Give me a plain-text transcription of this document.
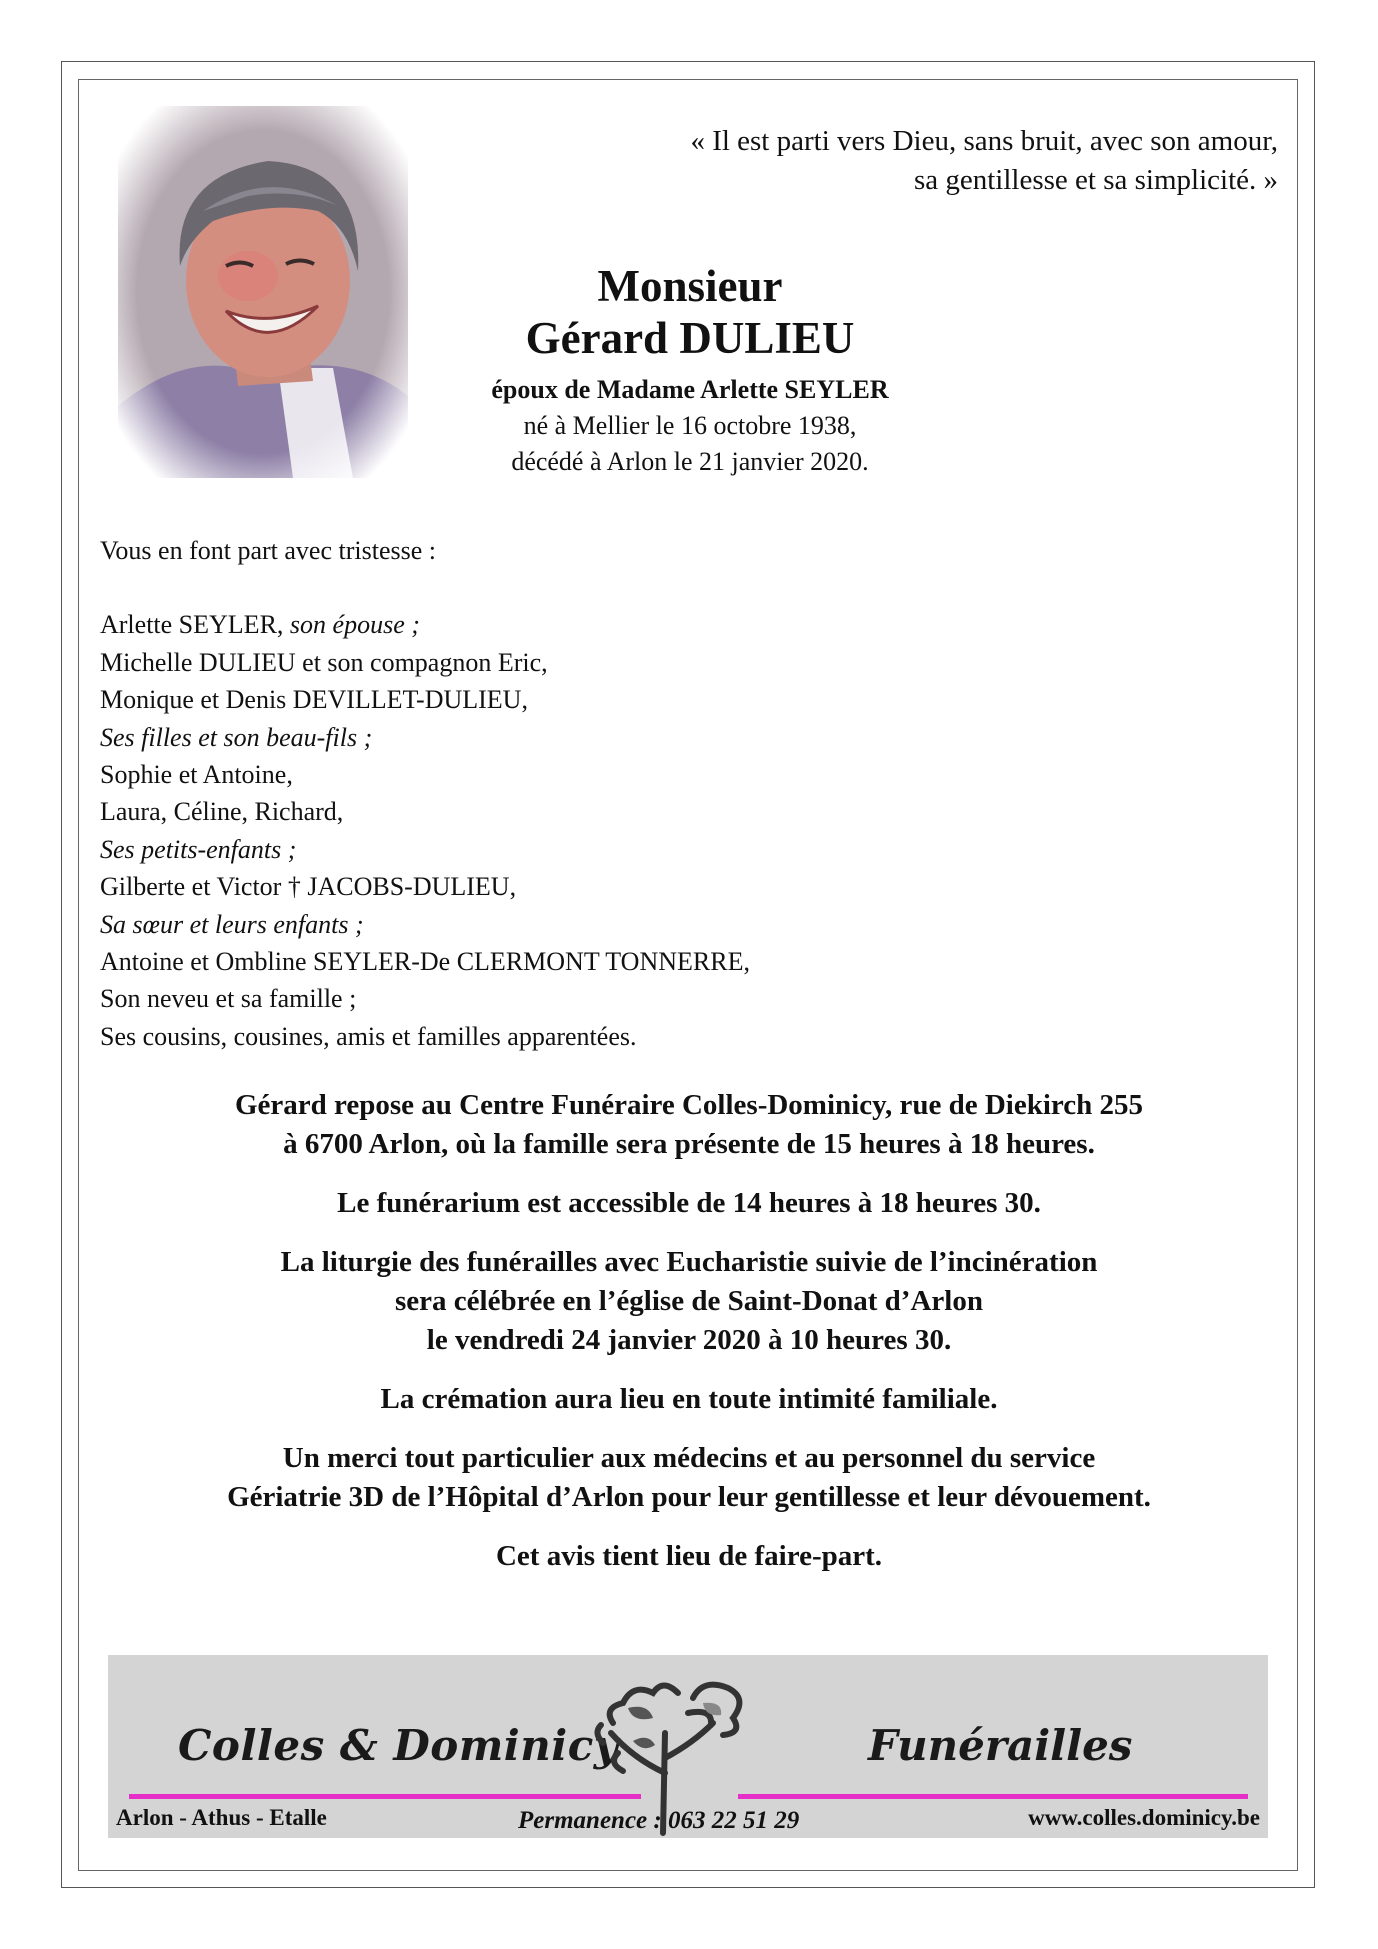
« Il est parti vers Dieu, sans bruit, avec son amour,
sa gentillesse et sa simplicité. »
Monsieur
Gérard DULIEU
époux de Madame Arlette SEYLER
né à Mellier le 16 octobre 1938,
décédé à Arlon le 21 janvier 2020.
Vous en font part avec tristesse :
Arlette SEYLER, son épouse ;
Michelle DULIEU et son compagnon Eric,
Monique et Denis DEVILLET-DULIEU,
Ses filles et son beau-fils ;
Sophie et Antoine,
Laura, Céline, Richard,
Ses petits-enfants ;
Gilberte et Victor † JACOBS-DULIEU,
Sa sœur et leurs enfants ;
Antoine et Ombline SEYLER-De CLERMONT TONNERRE,
Son neveu et sa famille ;
Ses cousins, cousines, amis et familles apparentées.

Gérard repose au Centre Funéraire Colles-Dominicy, rue de Diekirch 255
à 6700 Arlon, où la famille sera présente de 15 heures à 18 heures.

Le funérarium est accessible de 14 heures à 18 heures 30.

La liturgie des funérailles avec Eucharistie suivie de l’incinération
sera célébrée en l’église de Saint-Donat d’Arlon
le vendredi 24 janvier 2020 à 10 heures 30.

La crémation aura lieu en toute intimité familiale.

Un merci tout particulier aux médecins et au personnel du service
Gériatrie 3D de l’Hôpital d’Arlon pour leur gentillesse et leur dévouement.

Cet avis tient lieu de faire-part.

Colles & Dominicy	Funérailles
Arlon - Athus - Etalle	Permanence : 063 22 51 29	www.colles.dominicy.be
